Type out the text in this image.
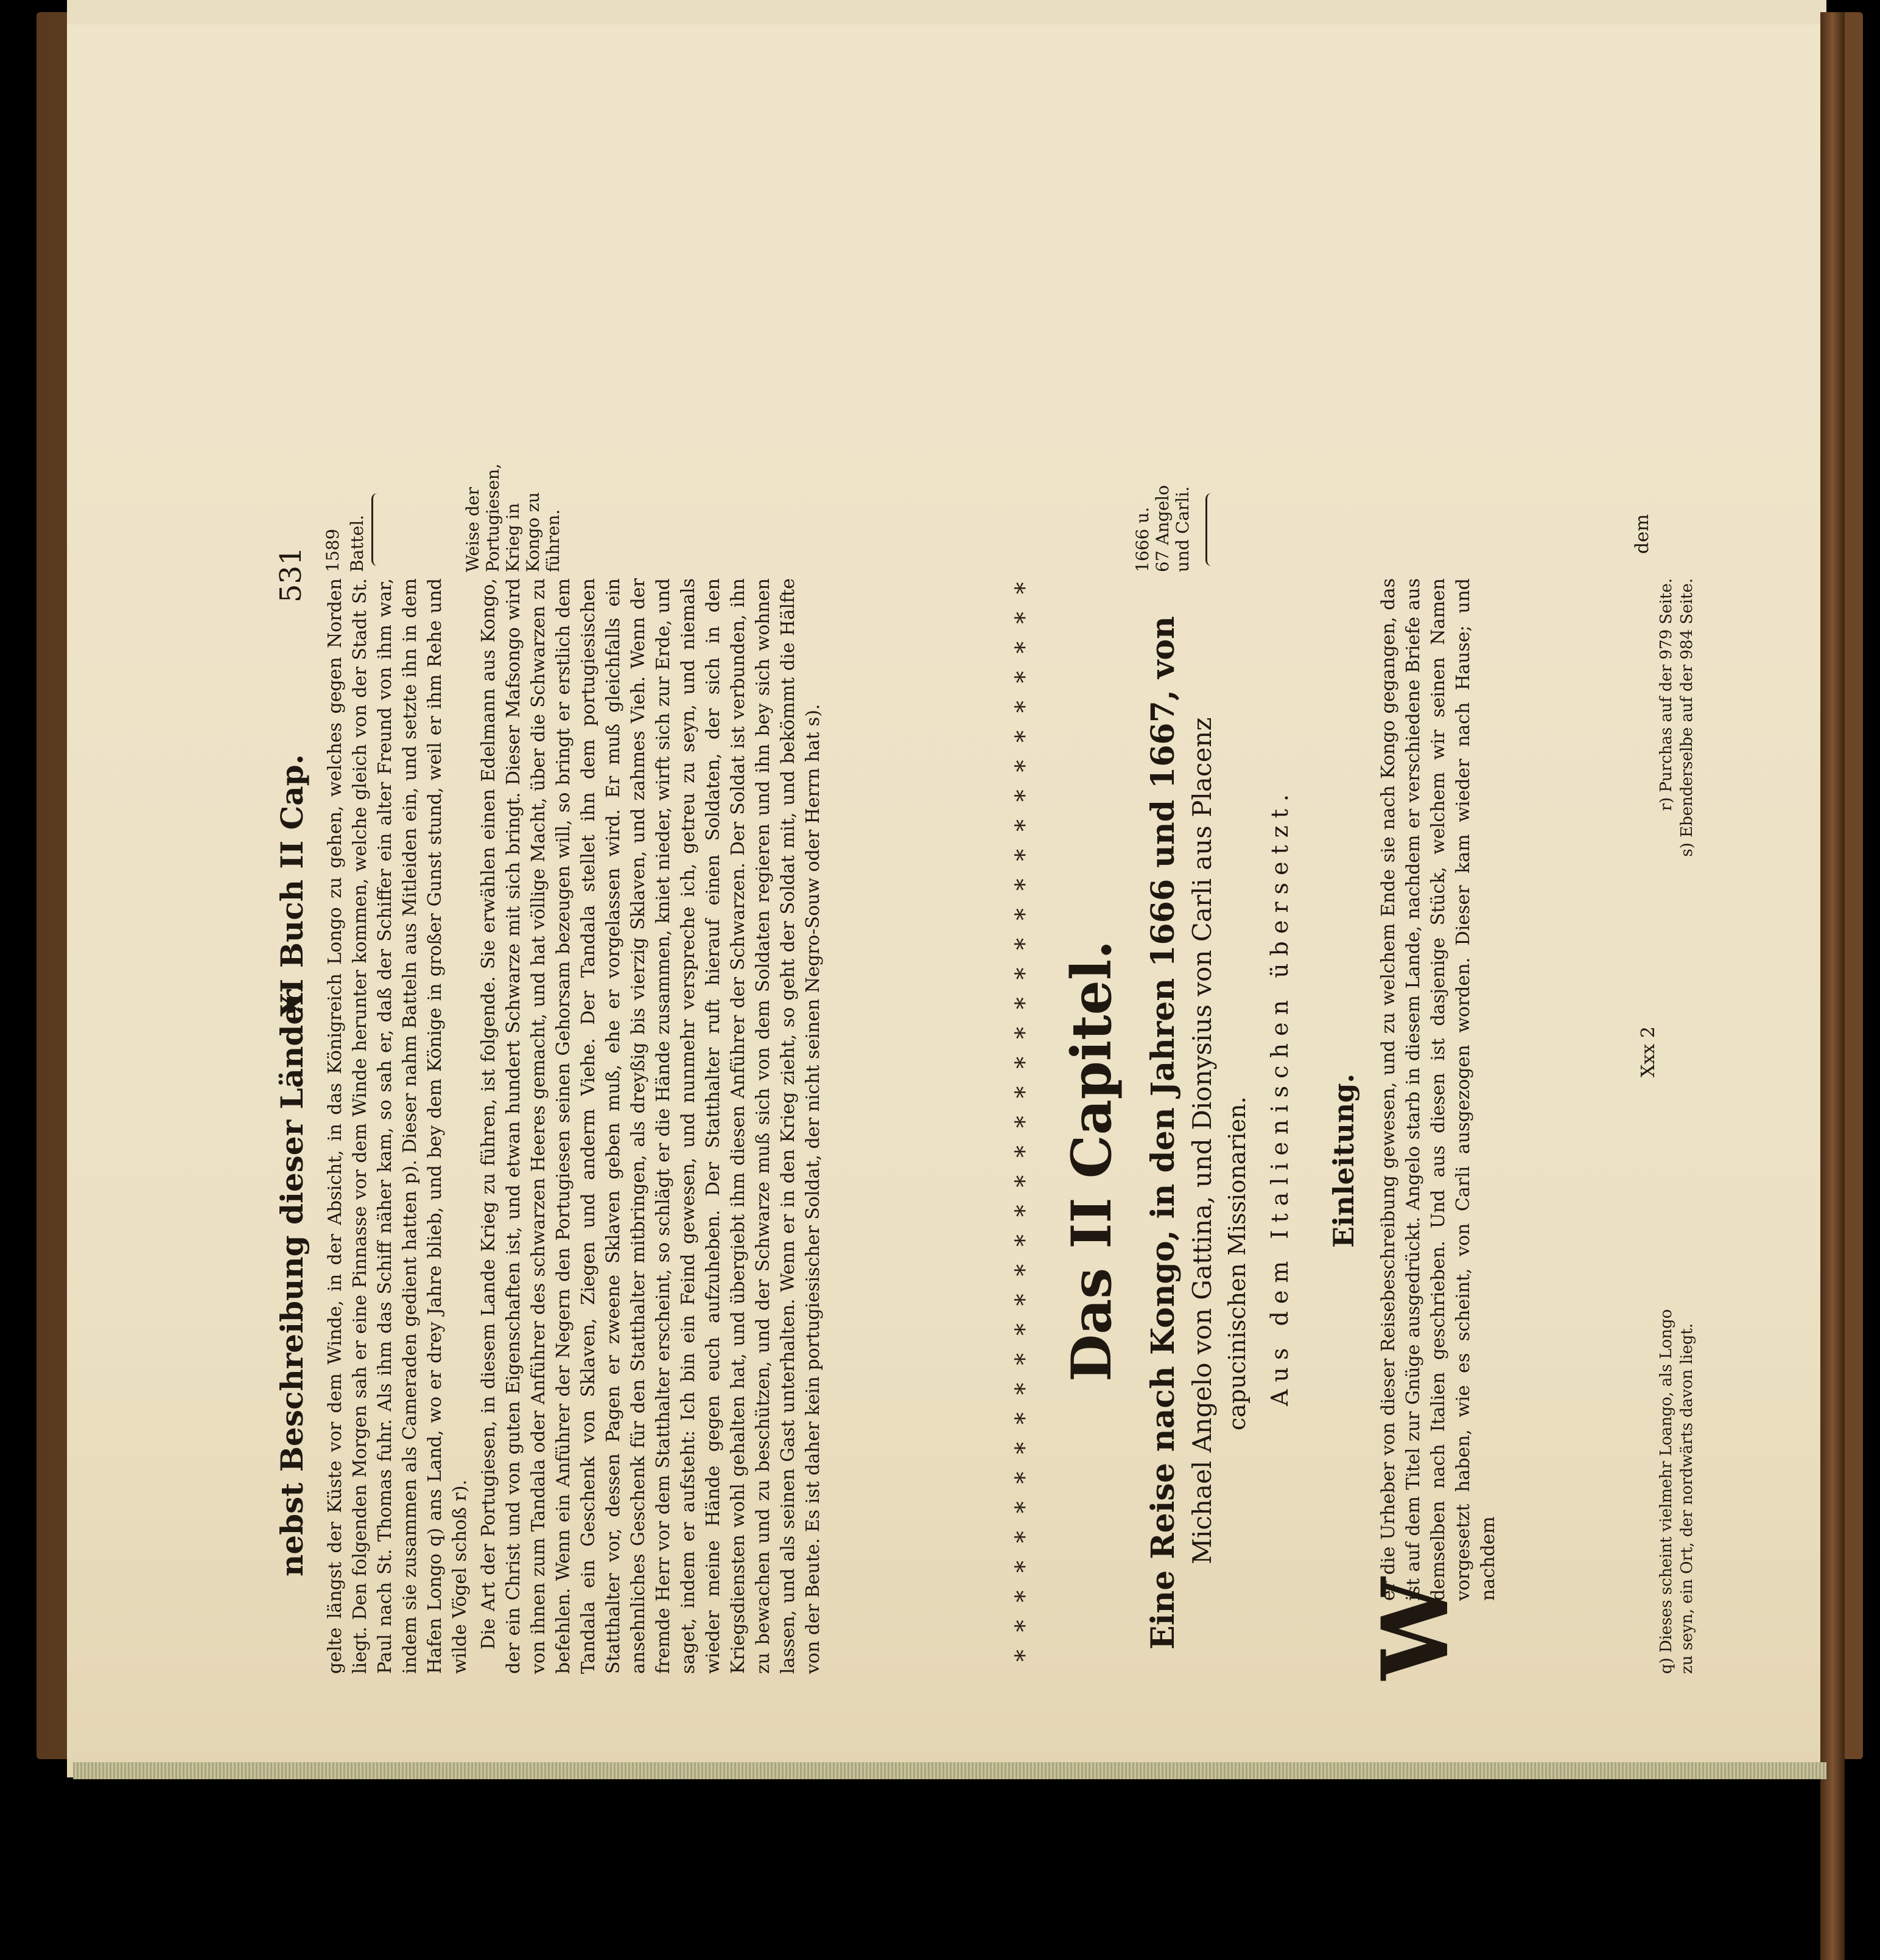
nebst Beschreibung dieser Länder.
XI Buch II Cap.
531 1589 Battel.	Weise der Portugiesen, Krieg in Kongo zu führen.	1666 u. 67 Angelo und Carli.

gelte längst der Küste vor dem Winde, in der Absicht, in das Königreich Longo zu gehen, welches gegen Norden liegt. Den folgenden Morgen sah er eine Pinnasse vor dem Winde herunter kommen, welche gleich von der Stadt St. Paul nach St. Thomas fuhr. Als ihm das Schiff näher kam, so sah er, daß der Schiffer ein alter Freund von ihm war, indem sie zusammen als Cameraden gedient hatten p). Dieser nahm Batteln aus Mitleiden ein, und setzte ihn in dem Hafen Longo q) ans Land, wo er drey Jahre blieb, und bey dem Könige in großer Gunst stund, weil er ihm Rehe und wilde Vögel schoß r). Die Art der Portugiesen, in diesem Lande Krieg zu führen, ist folgende. Sie erwählen einen Edelmann aus Kongo, der ein Christ und von guten Eigenschaften ist, und etwan hundert Schwarze mit sich bringt. Dieser Mafsongo wird von ihnen zum Tandala oder Anführer des schwarzen Heeres gemacht, und hat völlige Macht, über die Schwarzen zu befehlen. Wenn ein Anführer der Negern den Portugiesen seinen Gehorsam bezeugen will, so bringt er erstlich dem Tandala ein Geschenk von Sklaven, Ziegen und anderm Viehe. Der Tandala stellet ihn dem portugiesischen Statthalter vor, dessen Pagen er zweene Sklaven geben muß, ehe er vorgelassen wird. Er muß gleichfalls ein ansehnliches Geschenk für den Statthalter mitbringen, als dreyßig bis vierzig Sklaven, und zahmes Vieh. Wenn der fremde Herr vor dem Statthalter erscheint, so schlägt er die Hände zusammen, kniet nieder, wirft sich zur Erde, und saget, indem er aufsteht: Ich bin ein Feind gewesen, und nunmehr verspreche ich, getreu zu seyn, und niemals wieder meine Hände gegen euch aufzuheben. Der Statthalter ruft hierauf einen Soldaten, der sich in den Kriegsdiensten wohl gehalten hat, und übergiebt ihm diesen Anführer der Schwarzen. Der Soldat ist verbunden, ihn zu bewachen und zu beschützen, und der Schwarze muß sich von dem Soldaten regieren und ihn bey sich wohnen lassen, und als seinen Gast unterhalten. Wenn er in den Krieg zieht, so geht der Soldat mit, und bekömmt die Hälfte von der Beute. Es ist daher kein portugiesischer Soldat, der nicht seinen Negro-Souw oder Herrn hat s).	* * * * * * * * * * * * * * * * * * * * * * * * * * * * * * * * * * * * * Das II Capitel. Eine Reise nach Kongo, in den Jahren 1666 und 1667, von Michael Angelo von Gattina, und Dionysius von Carli aus Placenz capucinischen Missionarien. Aus dem Italienischen übersetzt. Einleitung.
W

er die Urheber von dieser Reisebeschreibung gewesen, und zu welchem Ende sie nach Kongo gegangen, das ist auf dem Titel zur Gnüge ausgedrückt. Angelo starb in diesem Lande, nachdem er verschiedene Briefe aus demselben nach Italien geschrieben. Und aus diesen ist dasjenige Stück, welchem wir seinen Namen vorgesetzt haben, wie es scheint, von Carli ausgezogen worden. Dieser kam wieder nach Hause; und nachdem

Xxx 2
dem
q) Dieses scheint vielmehr Loango, als Longo
r) Purchas auf der 979 Seite.
zu seyn, ein Ort, der nordwärts davon liegt.
s) Ebenderselbe auf der 984 Seite.
